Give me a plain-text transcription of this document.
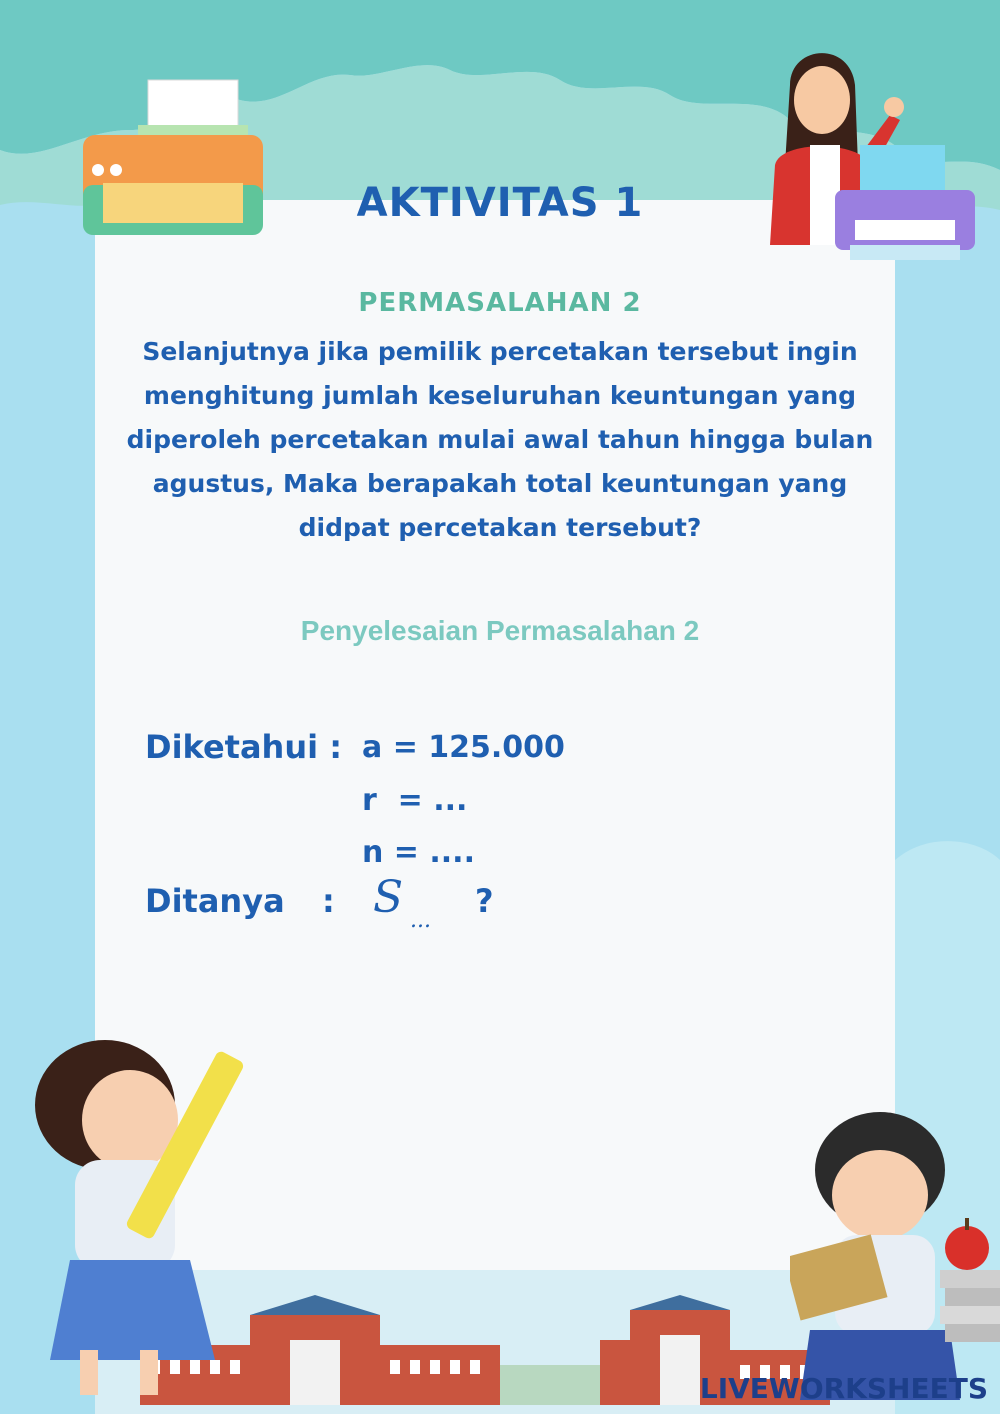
AKTIVITAS 1
PERMASALAHAN 2
Selanjutnya jika pemilik percetakan tersebut ingin
menghitung jumlah keseluruhan keuntungan yang
diperoleh percetakan mulai awal tahun hingga bulan
agustus, Maka berapakah total keuntungan yang
didpat percetakan tersebut?
Penyelesaian Permasalahan 2
Diketahui : a = 125.000
r  = ...
n = ....
Ditanya : S ...
?
LIVEWORKSHEETS
